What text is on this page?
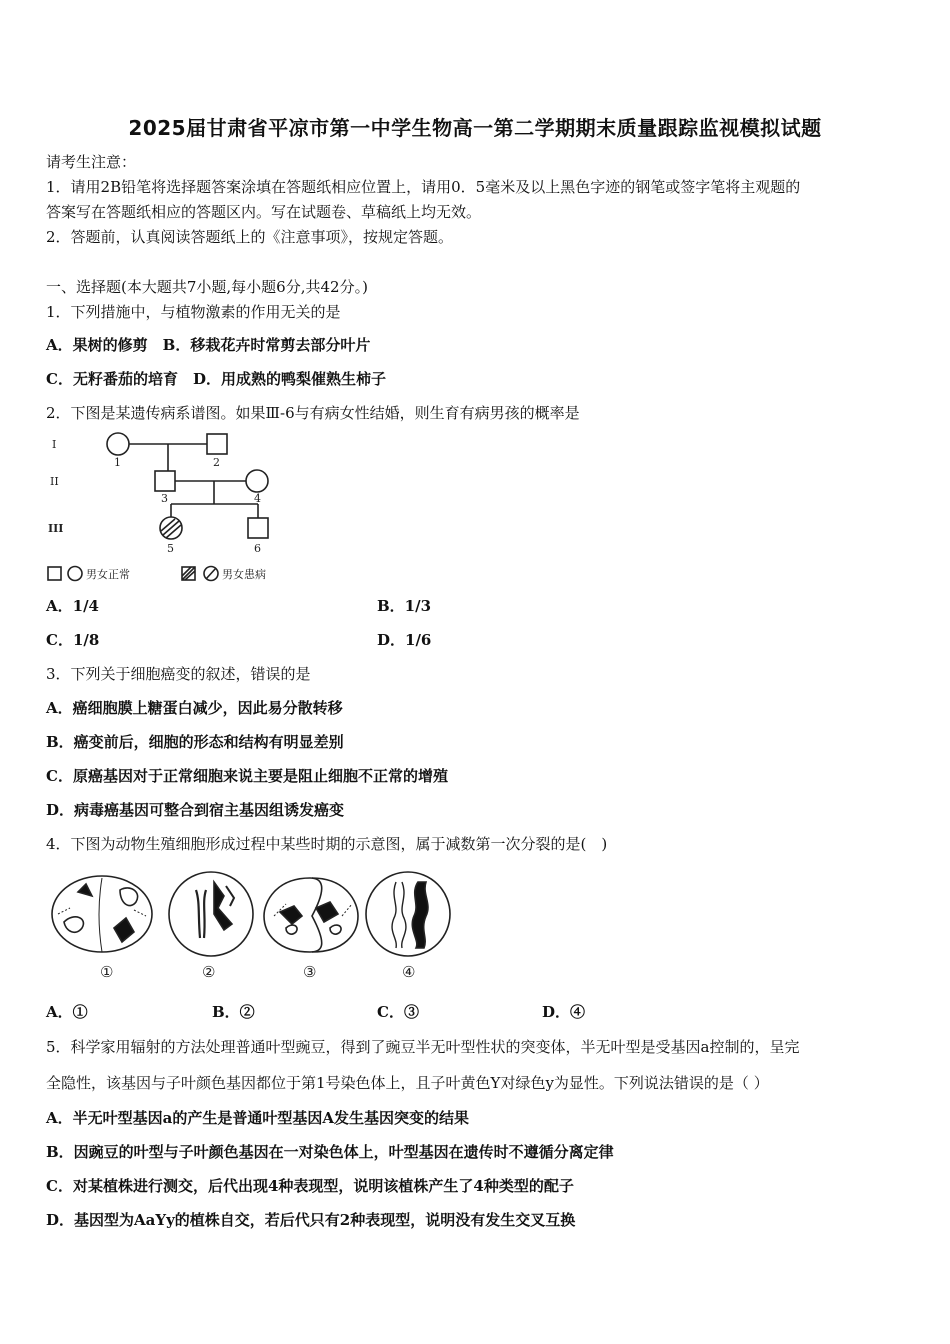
2025届甘肃省平凉市第一中学生物高一第二学期期末质量跟踪监视模拟试题
请考生注意：
1．请用2B铅笔将选择题答案涂填在答题纸相应位置上，请用0．5毫米及以上黑色字迹的钢笔或签字笔将主观题的
答案写在答题纸相应的答题区内。写在试题卷、草稿纸上均无效。
2．答题前，认真阅读答题纸上的《注意事项》，按规定答题。
一、选择题(本大题共7小题,每小题6分,共42分。)
1．下列措施中，与植物激素的作用无关的是
A．果树的修剪　B．移栽花卉时常剪去部分叶片
C．无籽番茄的培育　D．用成熟的鸭梨催熟生柿子
2．下图是某遗传病系谱图。如果Ⅲ-6与有病女性结婚，则生育有病男孩的概率是
I
II
III
1	2
3	4
5	6
男女正常	男女患病
A．1/4	B．1/3
C．1/8	D．1/6
3．下列关于细胞癌变的叙述，错误的是
A．癌细胞膜上糖蛋白减少，因此易分散转移
B．癌变前后，细胞的形态和结构有明显差别
C．原癌基因对于正常细胞来说主要是阻止细胞不正常的增殖
D．病毒癌基因可整合到宿主基因组诱发癌变
4．下图为动物生殖细胞形成过程中某些时期的示意图，属于减数第一次分裂的是(　)
①	②	③	④
A．①	B．②	C．③	D．④
5．科学家用辐射的方法处理普通叶型豌豆，得到了豌豆半无叶型性状的突变体，半无叶型是受基因a控制的，呈完
全隐性，该基因与子叶颜色基因都位于第1号染色体上，且子叶黄色Y对绿色y为显性。下列说法错误的是（ ）
A．半无叶型基因a的产生是普通叶型基因A发生基因突变的结果
B．因豌豆的叶型与子叶颜色基因在一对染色体上，叶型基因在遗传时不遵循分离定律
C．对某植株进行测交，后代出现4种表现型，说明该植株产生了4种类型的配子
D．基因型为AaYy的植株自交，若后代只有2种表现型，说明没有发生交叉互换
